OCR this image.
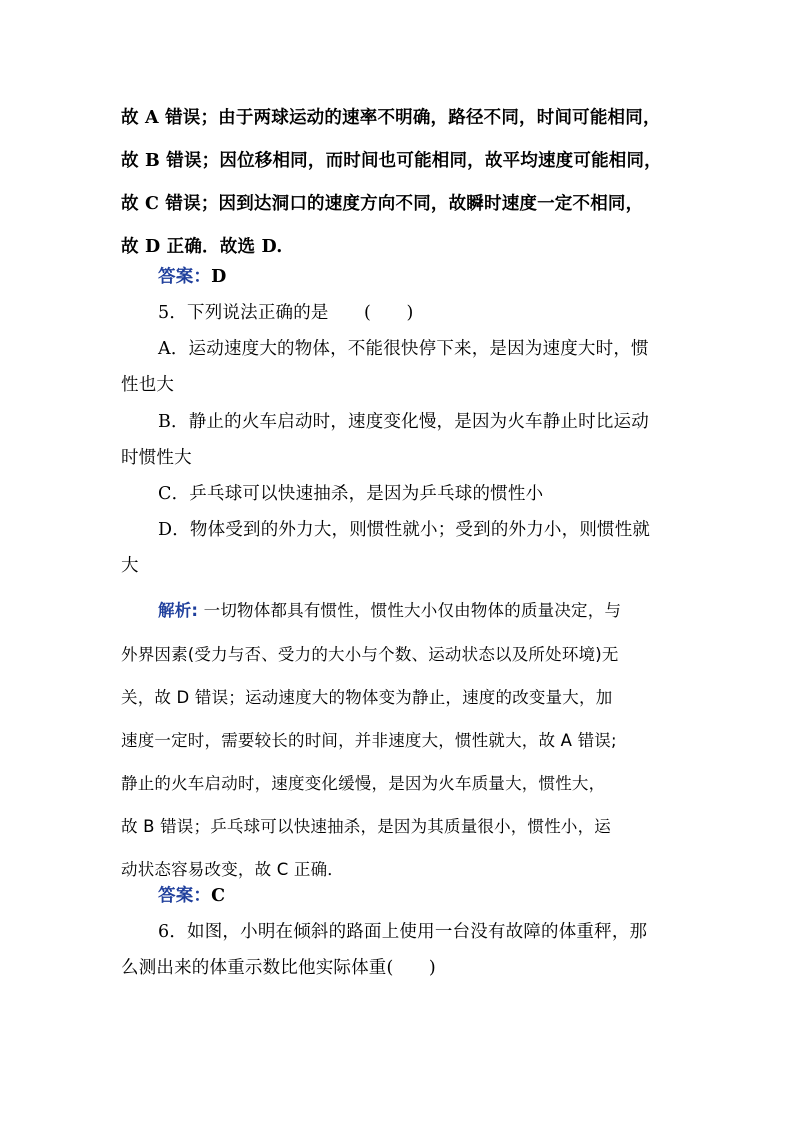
故 A 错误；由于两球运动的速率不明确，路径不同，时间可能相同，
故 B 错误；因位移相同，而时间也可能相同，故平均速度可能相同，
故 C 错误；因到达洞口的速度方向不同，故瞬时速度一定不相同，
故 D 正确．故选 D.
答案：D
5．下列说法正确的是　　(　　)
A．运动速度大的物体，不能很快停下来，是因为速度大时，惯
性也大
B．静止的火车启动时，速度变化慢，是因为火车静止时比运动
时惯性大
C．乒乓球可以快速抽杀，是因为乒乓球的惯性小
D．物体受到的外力大，则惯性就小；受到的外力小，则惯性就
大
解析: 一切物体都具有惯性，惯性大小仅由物体的质量决定，与
外界因素(受力与否、受力的大小与个数、运动状态以及所处环境)无
关，故 D 错误；运动速度大的物体变为静止，速度的改变量大，加
速度一定时，需要较长的时间，并非速度大，惯性就大，故 A 错误;
静止的火车启动时，速度变化缓慢，是因为火车质量大，惯性大，
故 B 错误；乒乓球可以快速抽杀，是因为其质量很小，惯性小，运
动状态容易改变，故 C 正确．
答案：C
6．如图，小明在倾斜的路面上使用一台没有故障的体重秤，那
么测出来的体重示数比他实际体重(　　)
